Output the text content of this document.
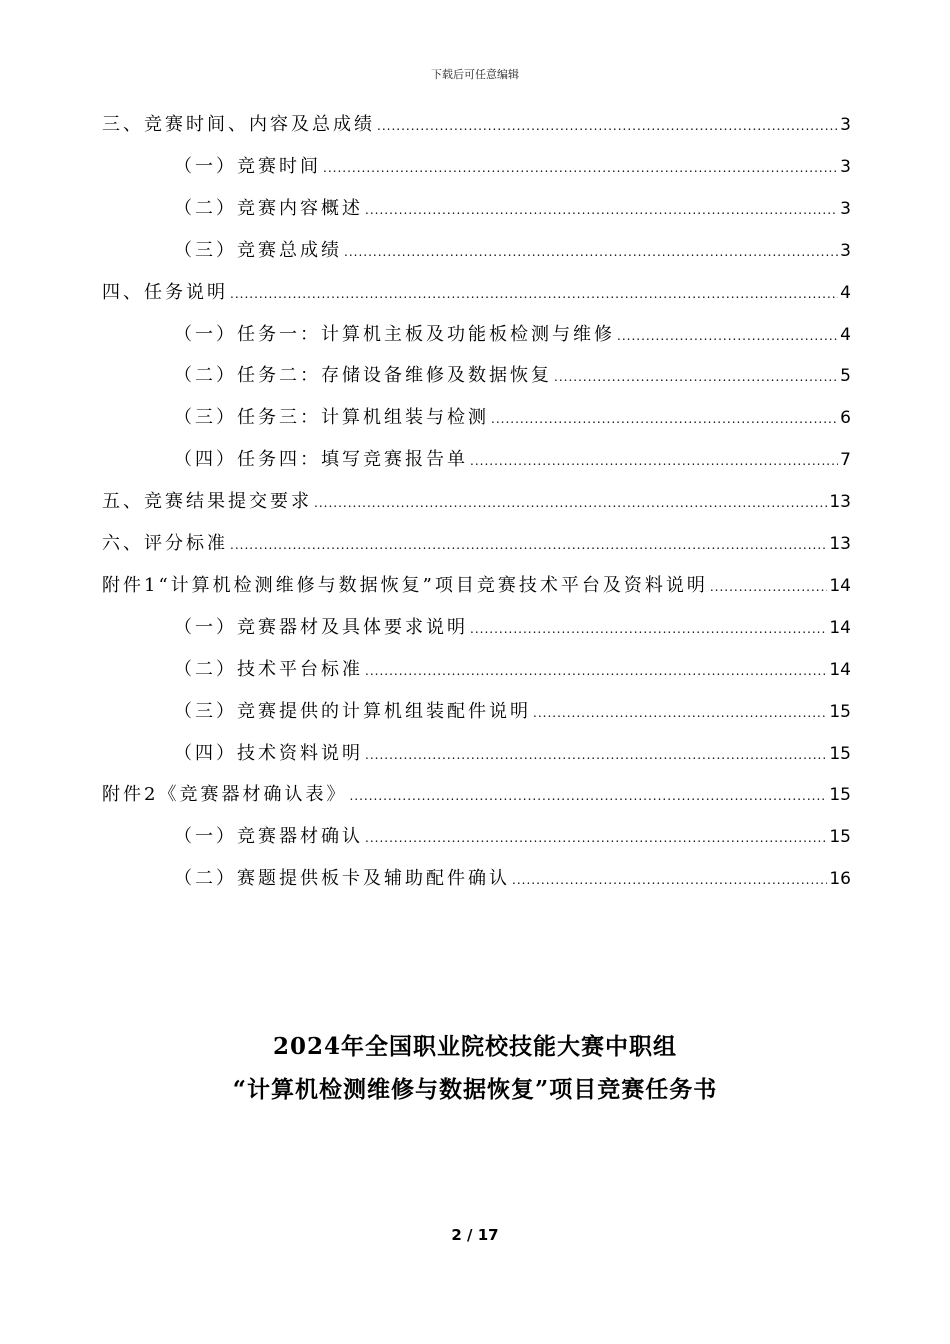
下载后可任意编辑
三、竞赛时间、内容及总成绩 .....	3
（一）竞赛时间 .....	3
（二）竞赛内容概述 .....	3
（三）竞赛总成绩 .....	3
四、任务说明 .....	4
（一）任务一：计算机主板及功能板检测与维修 .....	4
（二）任务二：存储设备维修及数据恢复 .....	5
（三）任务三：计算机组装与检测 .....	6
（四）任务四：填写竞赛报告单 .....	7
五、竞赛结果提交要求 .....	13
六、评分标准 .....	13
附件1“计算机检测维修与数据恢复”项目竞赛技术平台及资料说明 .....	14
（一）竞赛器材及具体要求说明 .....	14
（二）技术平台标准 .....	14
（三）竞赛提供的计算机组装配件说明 .....	15
（四）技术资料说明 .....	15
附件2《竞赛器材确认表》 .....	15
（一）竞赛器材确认 .....	15
（二）赛题提供板卡及辅助配件确认 .....	16
2024年全国职业院校技能大赛中职组
“计算机检测维修与数据恢复”项目竞赛任务书
2 / 17
